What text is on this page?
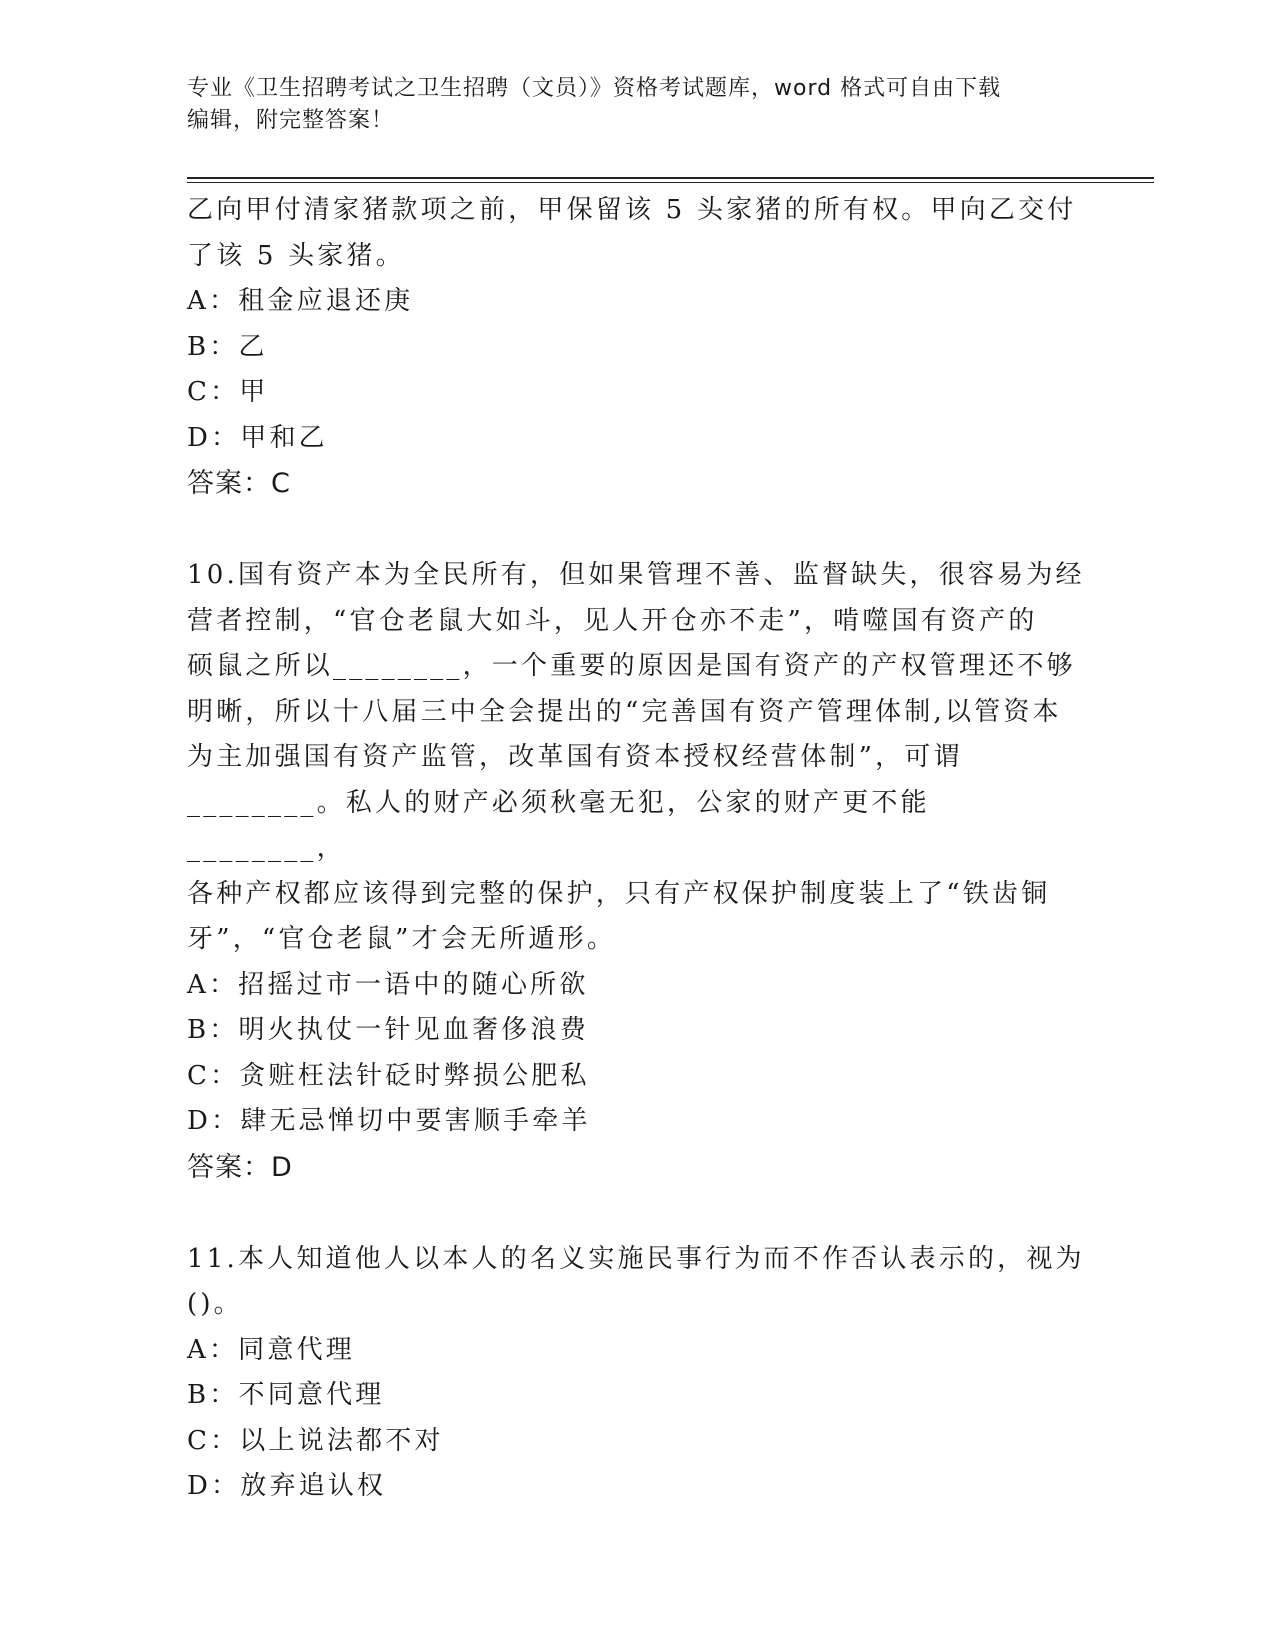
专业《卫生招聘考试之卫生招聘（文员）》资格考试题库，word 格式可自由下载
编辑，附完整答案！

乙向甲付清家猪款项之前，甲保留该 5 头家猪的所有权。甲向乙交付

了该 5 头家猪。

A：租金应退还庚

B：乙

C：甲

D：甲和乙

答案：C

10.国有资产本为全民所有，但如果管理不善、监督缺失，很容易为经

营者控制，“官仓老鼠大如斗，见人开仓亦不走”，啃噬国有资产的

硕鼠之所以________，一个重要的原因是国有资产的产权管理还不够

明晰，所以十八届三中全会提出的“完善国有资产管理体制,以管资本

为主加强国有资产监管，改革国有资本授权经营体制”，可谓

________。私人的财产必须秋毫无犯，公家的财产更不能________，

各种产权都应该得到完整的保护，只有产权保护制度装上了“铁齿铜

牙”，“官仓老鼠”才会无所遁形。

A：招摇过市一语中的随心所欲

B：明火执仗一针见血奢侈浪费

C：贪赃枉法针砭时弊损公肥私

D：肆无忌惮切中要害顺手牵羊

答案：D

11.本人知道他人以本人的名义实施民事行为而不作否认表示的，视为

()。

A：同意代理

B：不同意代理

C：以上说法都不对

D：放弃追认权
